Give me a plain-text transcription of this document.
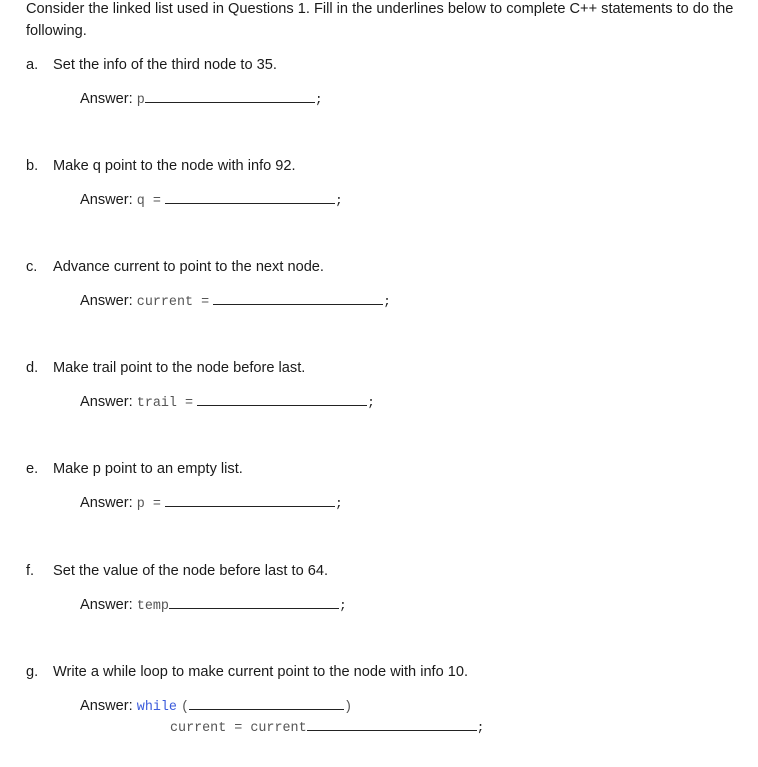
Consider the linked list used in Questions 1. Fill in the underlines below to complete C++ statements to do the following.
a. Set the info of the third node to 35.
Answer: p	;
b. Make q point to the node with info 92.
Answer: q =	;
c. Advance current to point to the next node.
Answer: current =	;
d. Make trail point to the node before last.
Answer: trail =	;
e. Make p point to an empty list.
Answer: p =	;
f. Set the value of the node before last to 64.
Answer: temp	;
g. Write a while loop to make current point to the node with info 10.
Answer: while (	)
current = current	;
